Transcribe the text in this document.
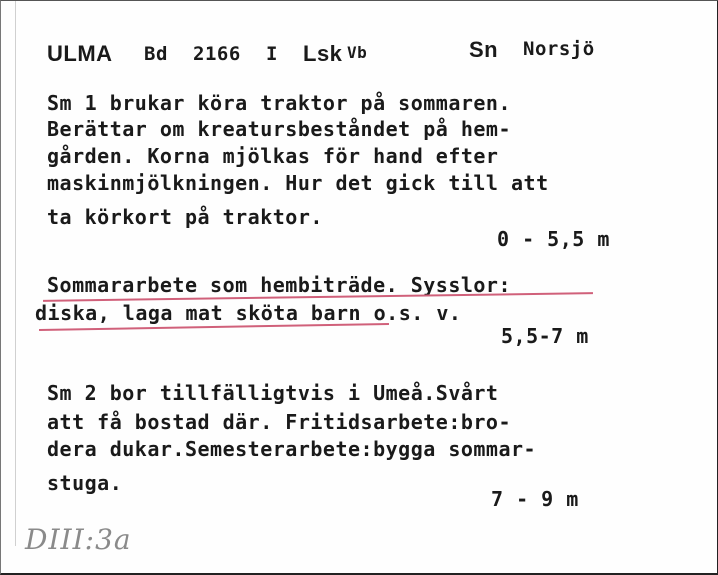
ULMA Bd 2166 I Lsk Vb	Sn Norsjö
Sm 1 brukar köra traktor på sommaren.
Berättar om kreatursbeståndet på hem-
gården. Korna mjölkas för hand efter
maskinmjölkningen. Hur det gick till att
ta körkort på traktor.
0 - 5,5 m
Sommararbete som hembiträde. Sysslor:
diska, laga mat sköta barn o.s. v.
5,5-7 m
Sm 2 bor tillfälligtvis i Umeå.Svårt
att få bostad där. Fritidsarbete:bro-
dera dukar.Semesterarbete:bygga sommar-
stuga.
7 - 9 m
DIII:3a
